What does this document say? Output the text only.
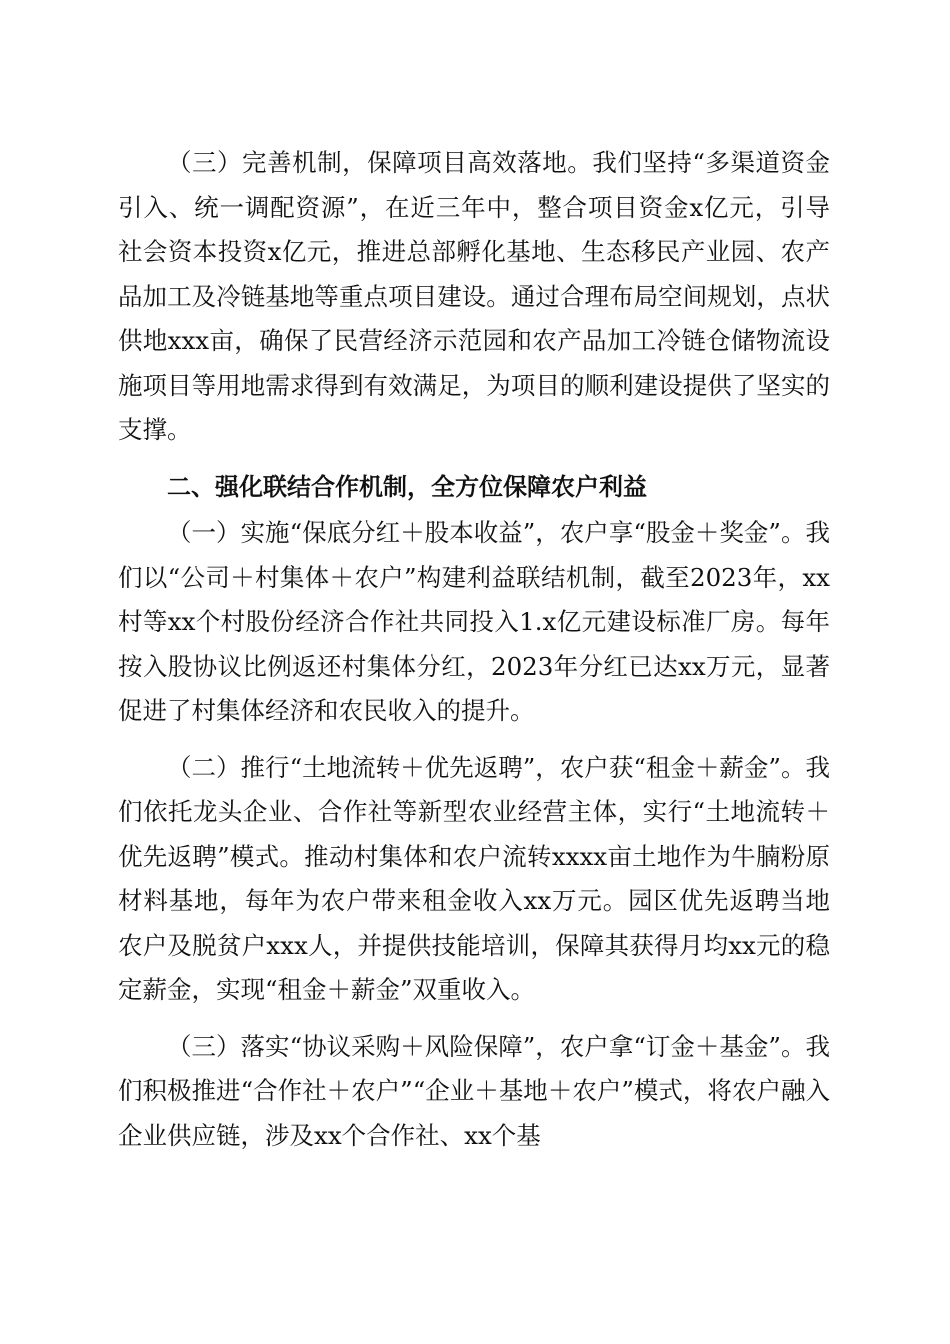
（三）完善机制，保障项目高效落地。我们坚持“多渠道资金引入、统一调配资源”，在近三年中，整合项目资金x亿元，引导社会资本投资x亿元，推进总部孵化基地、生态移民产业园、农产品加工及冷链基地等重点项目建设。通过合理布局空间规划，点状供地xxx亩，确保了民营经济示范园和农产品加工冷链仓储物流设施项目等用地需求得到有效满足，为项目的顺利建设提供了坚实的支撑。

二、强化联结合作机制，全方位保障农户利益

（一）实施“保底分红＋股本收益”，农户享“股金＋奖金”。我们以“公司＋村集体＋农户”构建利益联结机制，截至2023年，xx村等xx个村股份经济合作社共同投入1.x亿元建设标准厂房。每年按入股协议比例返还村集体分红，2023年分红已达xx万元，显著促进了村集体经济和农民收入的提升。

（二）推行“土地流转＋优先返聘”，农户获“租金＋薪金”。我们依托龙头企业、合作社等新型农业经营主体，实行“土地流转＋优先返聘”模式。推动村集体和农户流转xxxx亩土地作为牛腩粉原材料基地，每年为农户带来租金收入xx万元。园区优先返聘当地农户及脱贫户xxx人，并提供技能培训，保障其获得月均xx元的稳定薪金，实现“租金＋薪金”双重收入。

（三）落实“协议采购＋风险保障”，农户拿“订金＋基金”。我们积极推进“合作社＋农户”“企业＋基地＋农户”模式，将农户融入企业供应链，涉及xx个合作社、xx个基
